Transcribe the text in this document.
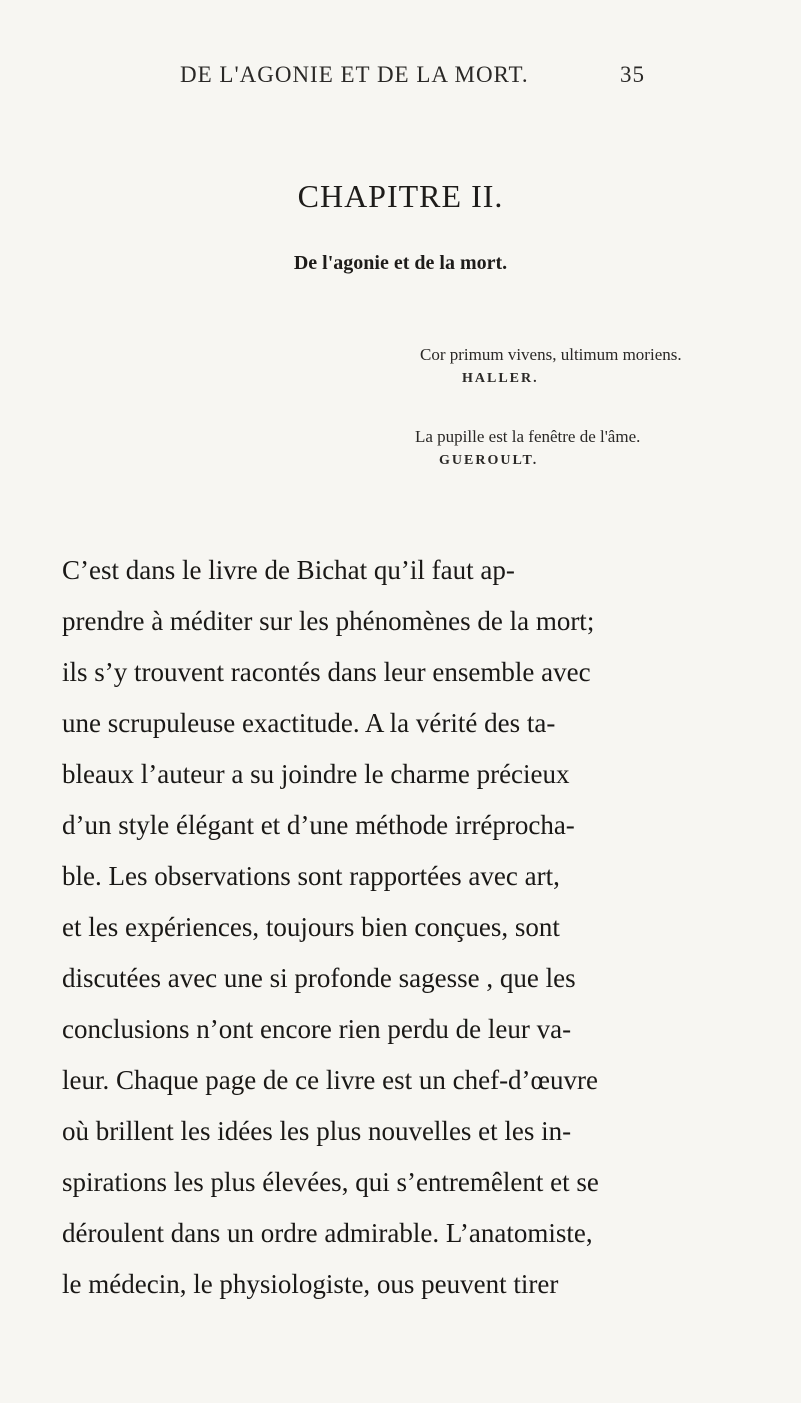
DE L'AGONIE ET DE LA MORT.	35
CHAPITRE II.
De l'agonie et de la mort.
Cor primum vivens, ultimum moriens.
HALLER.
La pupille est la fenêtre de l'âme.
GUEROULT.
C’est dans le livre de Bichat qu’il faut ap-
prendre à méditer sur les phénomènes de la mort;
ils s’y trouvent racontés dans leur ensemble avec
une scrupuleuse exactitude. A la vérité des ta-
bleaux l’auteur a su joindre le charme précieux
d’un style élégant et d’une méthode irréprocha-
ble. Les observations sont rapportées avec art,
et les expériences, toujours bien conçues, sont
discutées avec une si profonde sagesse , que les
conclusions n’ont encore rien perdu de leur va-
leur. Chaque page de ce livre est un chef-d’œuvre
où brillent les idées les plus nouvelles et les in-
spirations les plus élevées, qui s’entremêlent et se
déroulent dans un ordre admirable. L’anatomiste,
le médecin, le physiologiste, ous peuvent tirer
